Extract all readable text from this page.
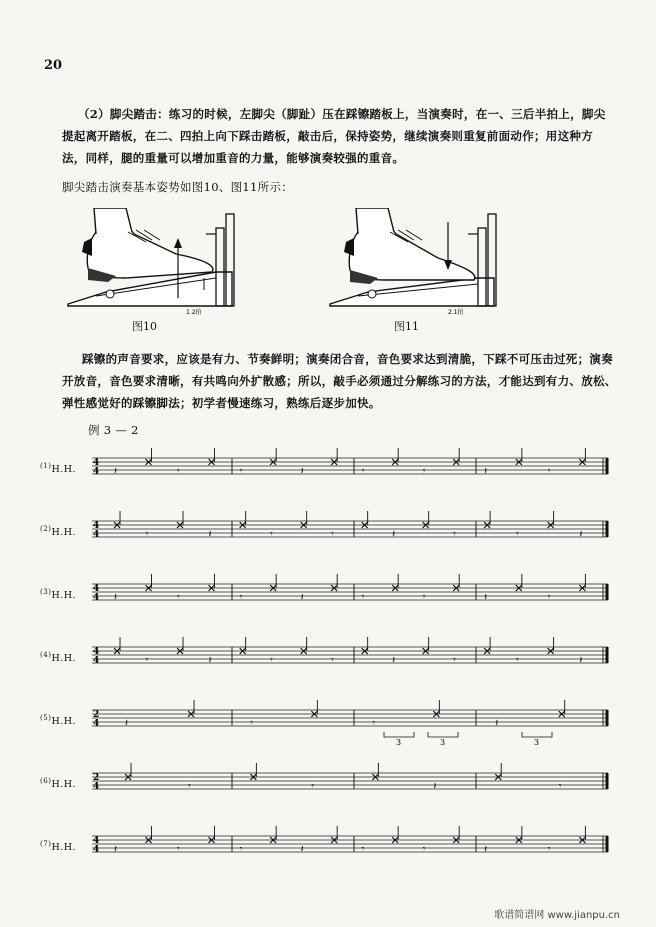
20
（2）脚尖踏击：练习的时候，左脚尖（脚趾）压在踩镲踏板上，当演奏时，在一、三后半拍上，脚尖提起离开踏板，在二、四拍上向下踩击踏板，敲击后，保持姿势，继续演奏则重复前面动作；用这种方法，同样，腿的重量可以增加重音的力量，能够演奏较强的重音。
脚尖踏击演奏基本姿势如图10、图11所示：
1.2拍
图10
2.1拍
图11
踩镲的声音要求，应该是有力、节奏鲜明；演奏闭合音，音色要求达到清脆，下踩不可压击过死；演奏开放音，音色要求清晰，有共鸣向外扩散感；所以，敲手必须通过分解练习的方法，才能达到有力、放松、弹性感觉好的踩镲脚法；初学者慢速练习，熟练后逐步加快。
例 3 — 2
$^{(1)}$H.H.
4
4 𝄽	𝄾	𝄾	𝄽	𝄾	𝄾	𝄽	𝄾
$^{(2)}$H.H.
4
4	𝄾	𝄽	𝄾	𝄾	𝄽	𝄾	𝄾	𝄽
$^{(3)}$H.H.
4
4 𝄽	𝄾	𝄾	𝄽	𝄾	𝄾	𝄽	𝄾
$^{(4)}$H.H.
4
4	𝄾	𝄽	𝄾	𝄾	𝄽	𝄾	𝄾	𝄽
$^{(5)}$H.H.
2
4	𝄽	𝄾	𝄾	𝄽
3	3	3
$^{(6)}$H.H.
2
4	𝄾	𝄾	𝄽	𝄾
$^{(7)}$H.H.
4
4 𝄽	𝄾	𝄾	𝄽	𝄾	𝄾	𝄽	𝄾
歌谱简谱网 www.jianpu.cn
